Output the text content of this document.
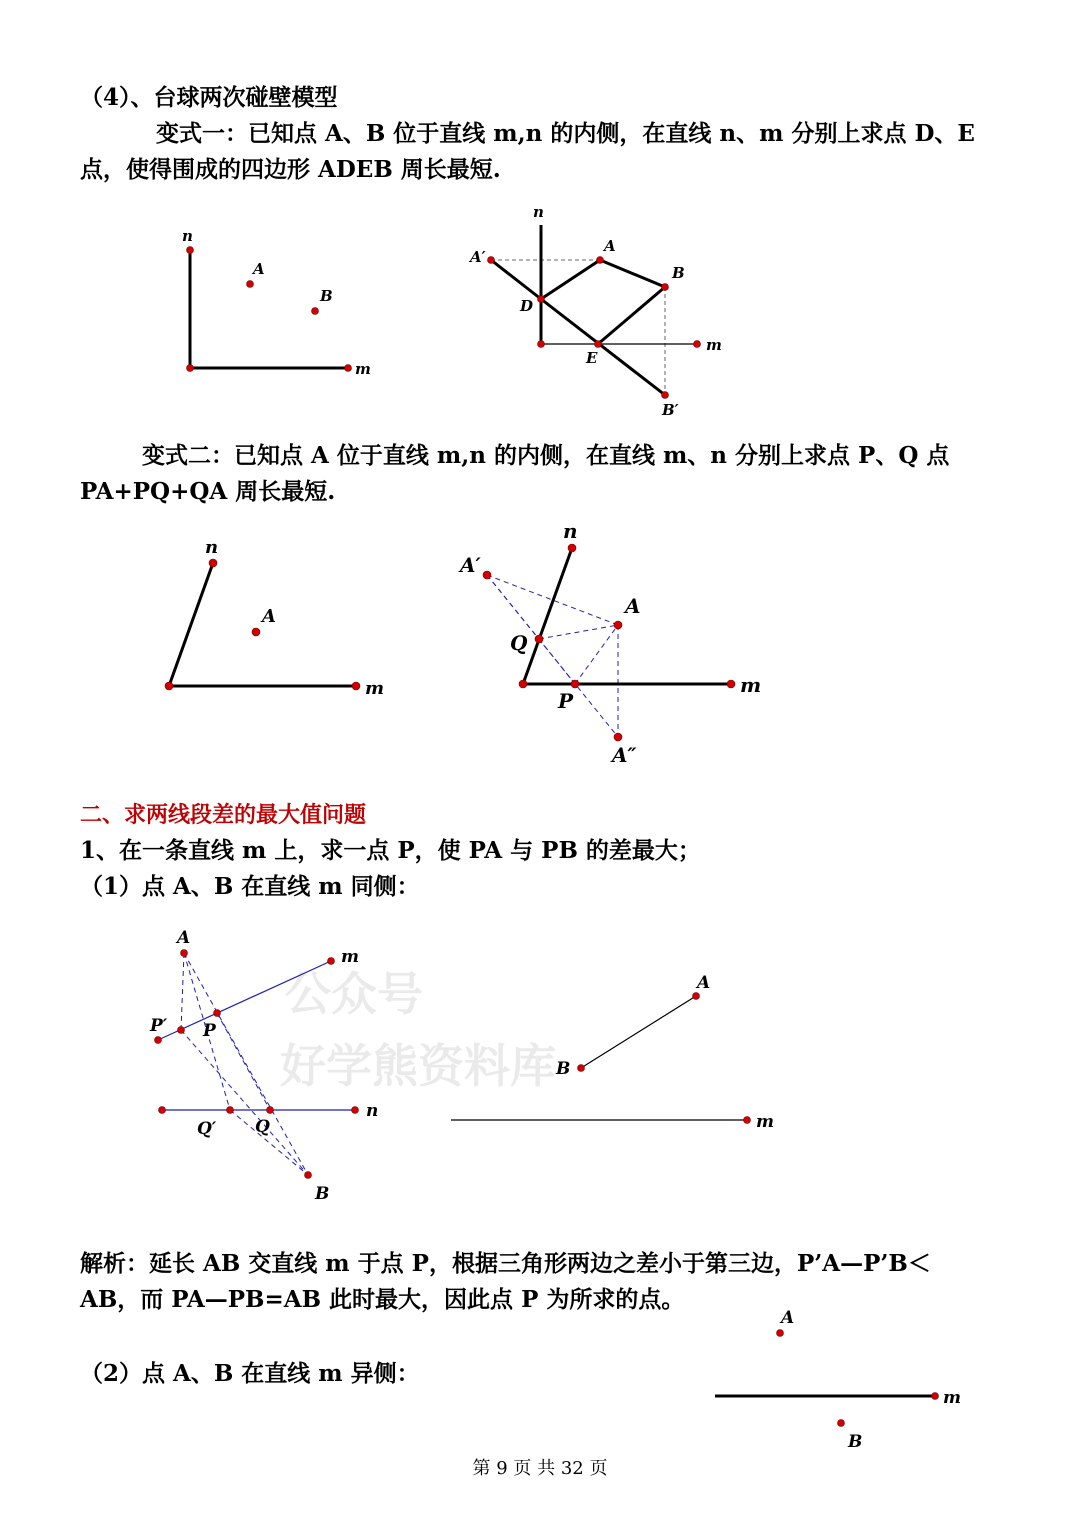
（4）、台球两次碰壁模型

变式一：已知点 A、B 位于直线 m,n 的内侧，在直线 n、m 分别上求点 D、E

点，使得围成的四边形 ADEB 周长最短.

变式二：已知点 A 位于直线 m,n 的内侧，在直线 m、n 分别上求点 P、Q 点

PA+PQ+QA 周长最短.

二、求两线段差的最大值问题

1、在一条直线 m 上，求一点 P，使 PA 与 PB 的差最大；

（1）点 A、B 在直线 m 同侧：

解析：延长 AB 交直线 m 于点 P，根据三角形两边之差小于第三边，P’A—P’B＜

AB，而 PA—PB=AB 此时最大，因此点 P 为所求的点。

（2）点 A、B 在直线 m 异侧：

公众号
好学熊资料库
第 9 页 共 32 页
n
A
B
m
n
A′
A
B
D
E
m
B′
n
A
m
n
A′
A
Q
P
m
A″
A
m
P′ P
n
Q′ Q
B
A
B
m
A
m
B
